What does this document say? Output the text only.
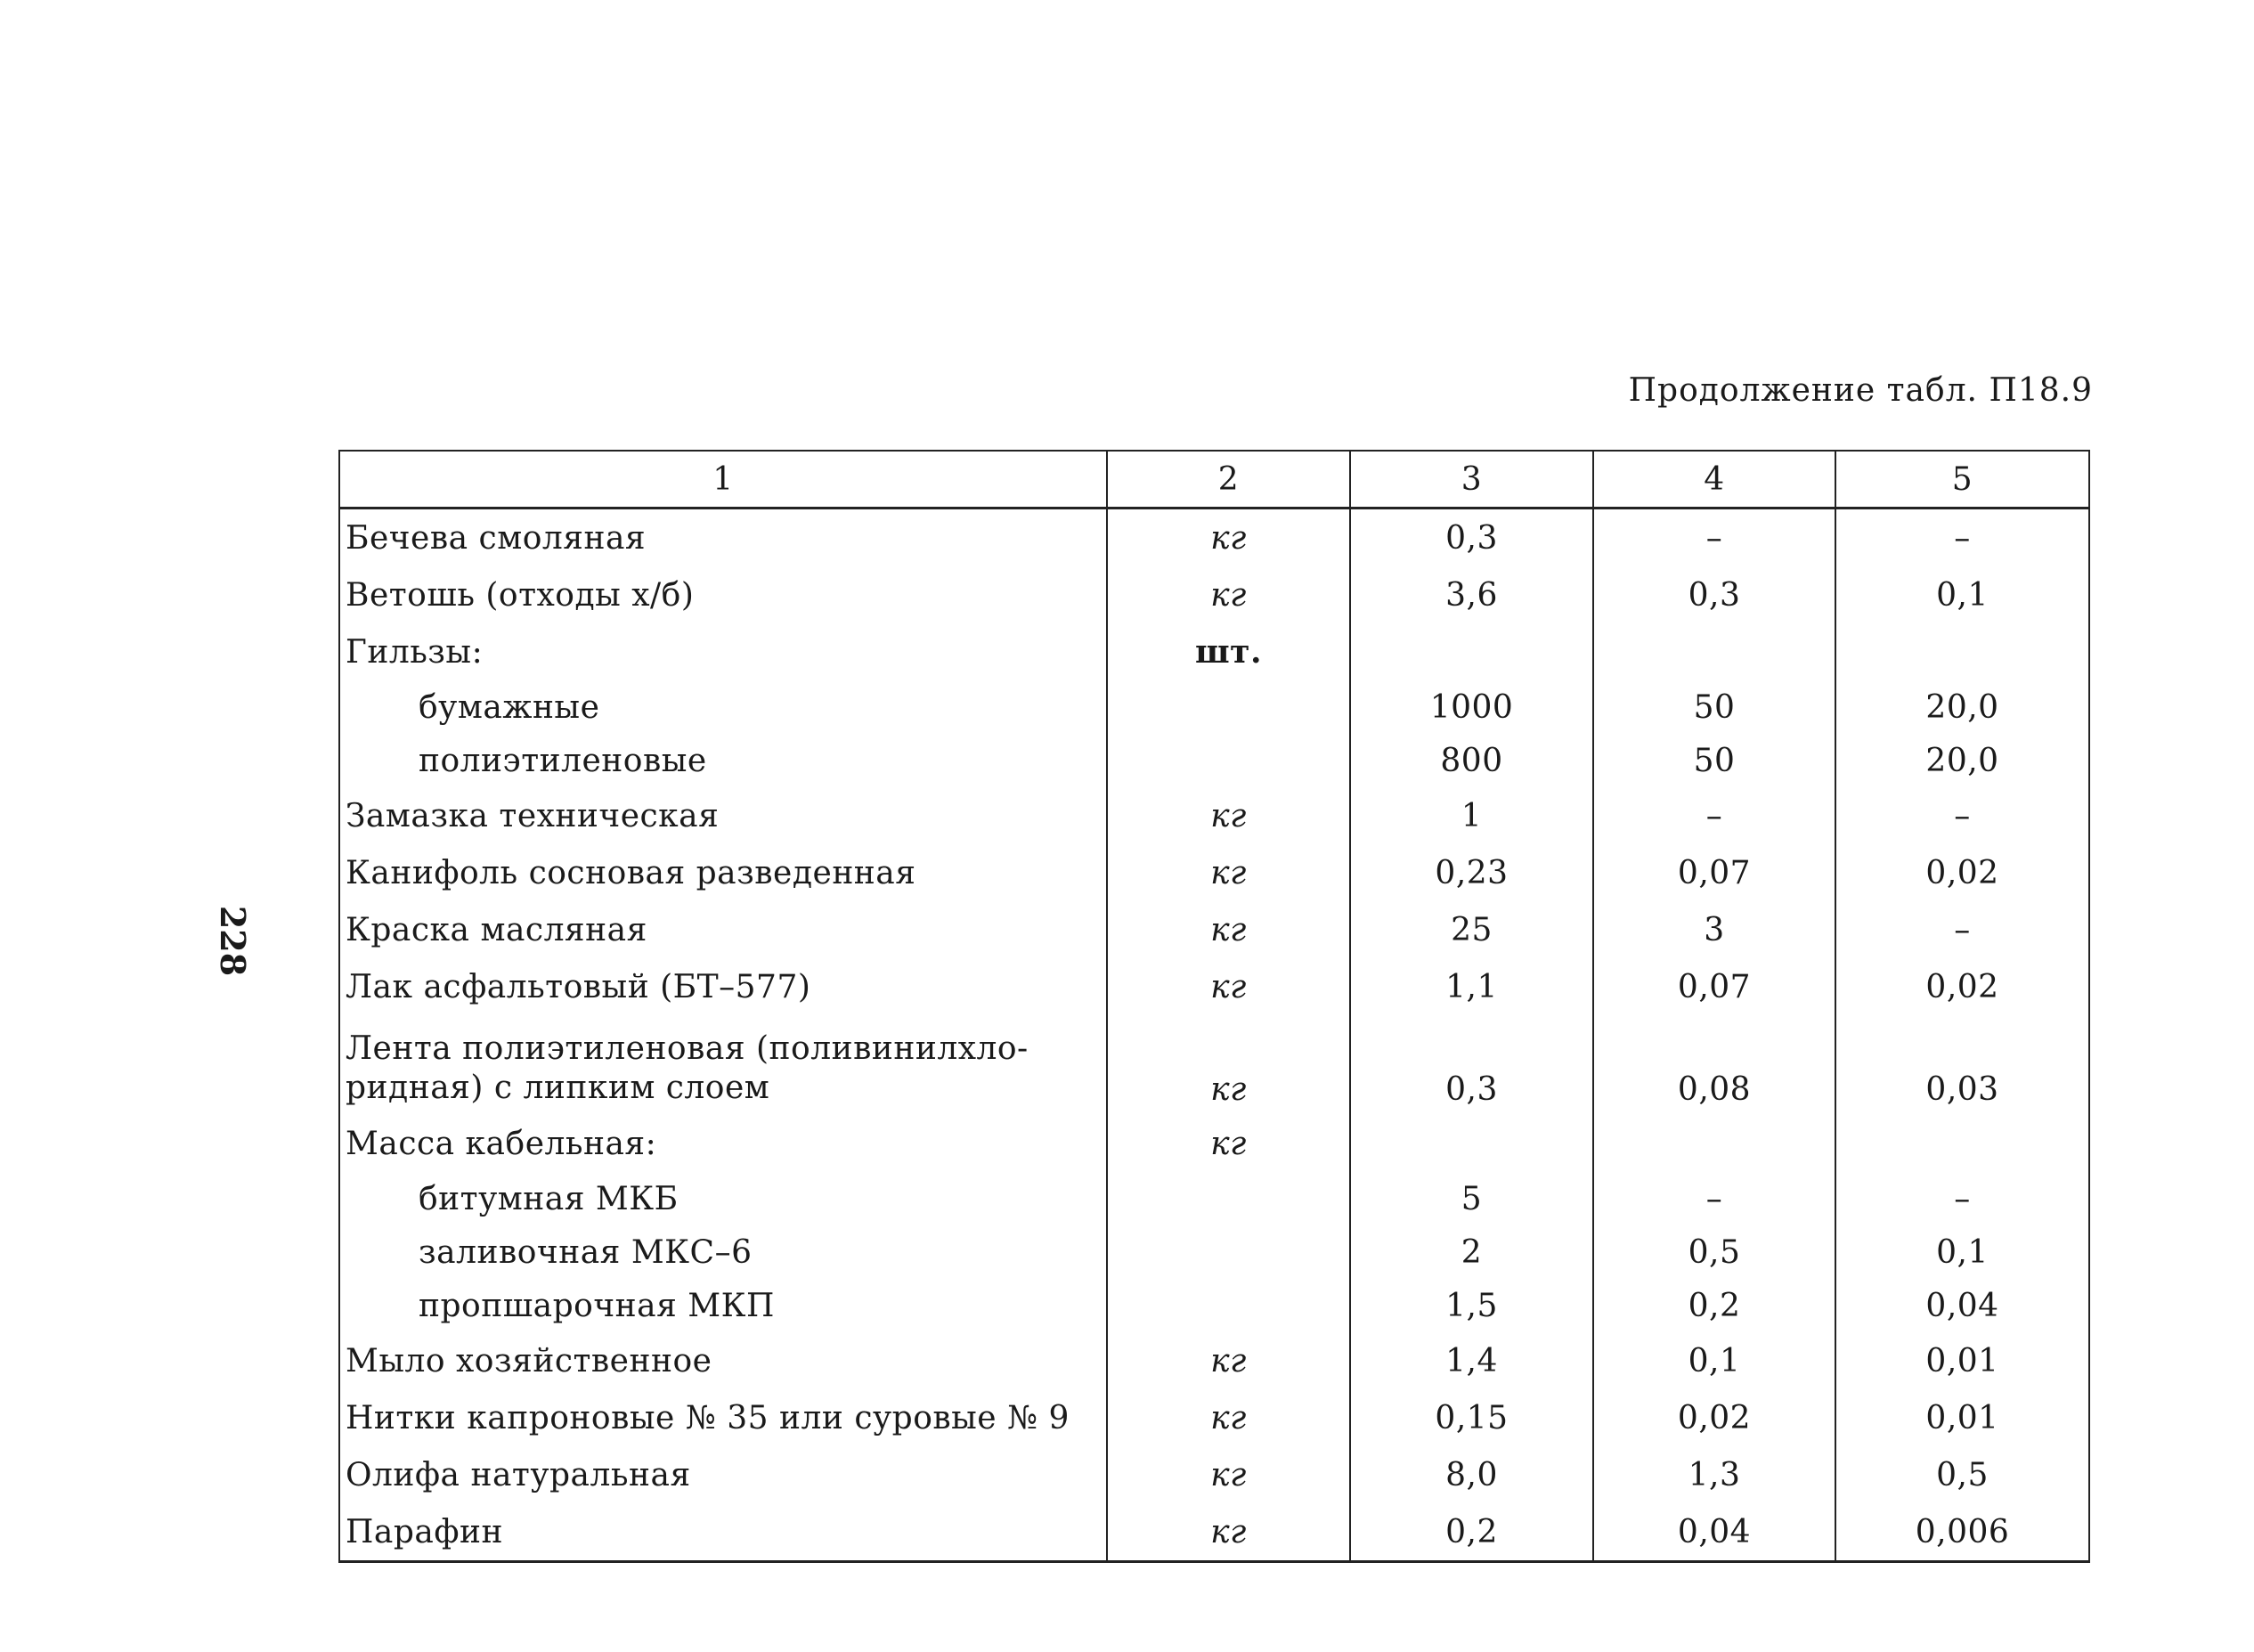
Продолжение табл. П18.9
228
1	2	3	4	5
Бечева смоляная	кг	0,3	–	–
Ветошь (отходы х/б)	кг	3,6	0,3	0,1
Гильзы:	шт.			
бумажные		1000	50	20,0
полиэтиленовые		800	50	20,0
Замазка техническая	кг	1	–	–
Канифоль сосновая разведенная	кг	0,23	0,07	0,02
Краска масляная	кг	25	3	–
Лак асфальтовый (БТ–577)	кг	1,1	0,07	0,02
Лента полиэтиленовая (поливинилхло-
ридная) с липким слоем	кг	0,3	0,08	0,03
Масса кабельная:	кг			
битумная МКБ		5	–	–
заливочная МКС–6		2	0,5	0,1
пропшарочная МКП		1,5	0,2	0,04
Мыло хозяйственное	кг	1,4	0,1	0,01
Нитки капроновые № 35 или суровые № 9	кг	0,15	0,02	0,01
Олифа натуральная	кг	8,0	1,3	0,5
Парафин	кг	0,2	0,04	0,006
